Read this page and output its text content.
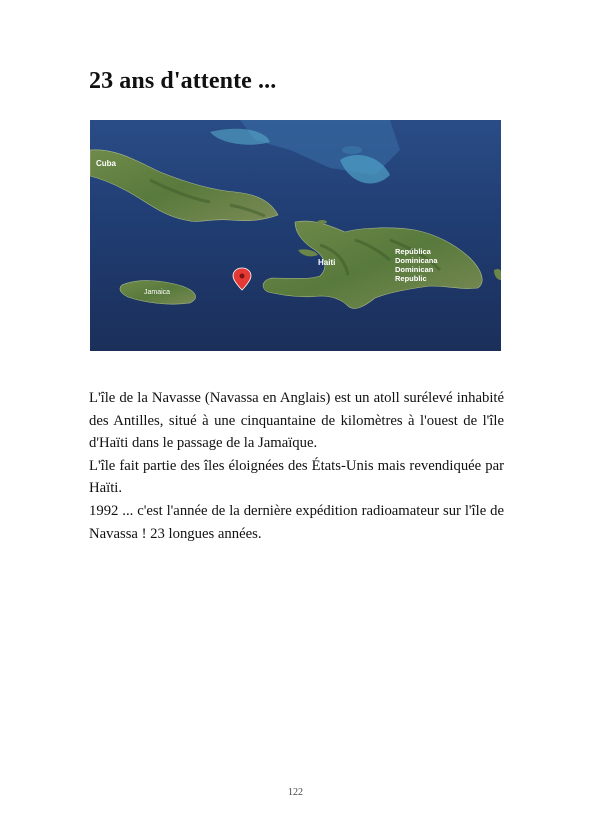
23 ans d'attente ...
Cuba
Jamaica
Haiti
República
Dominicana
Dominican
Republic

L'île de la Navasse (Navassa en Anglais) est un atoll surélevé inhabité des Antilles, situé à une cinquantaine de kilomètres à l'ouest de l'île d'Haïti dans le passage de la Jamaïque.

L'île fait partie des îles éloignées des États-Unis mais revendiquée par Haïti.

1992 ... c'est l'année de la dernière expédition radioamateur sur l'île de Navassa ! 23 longues années.

122
